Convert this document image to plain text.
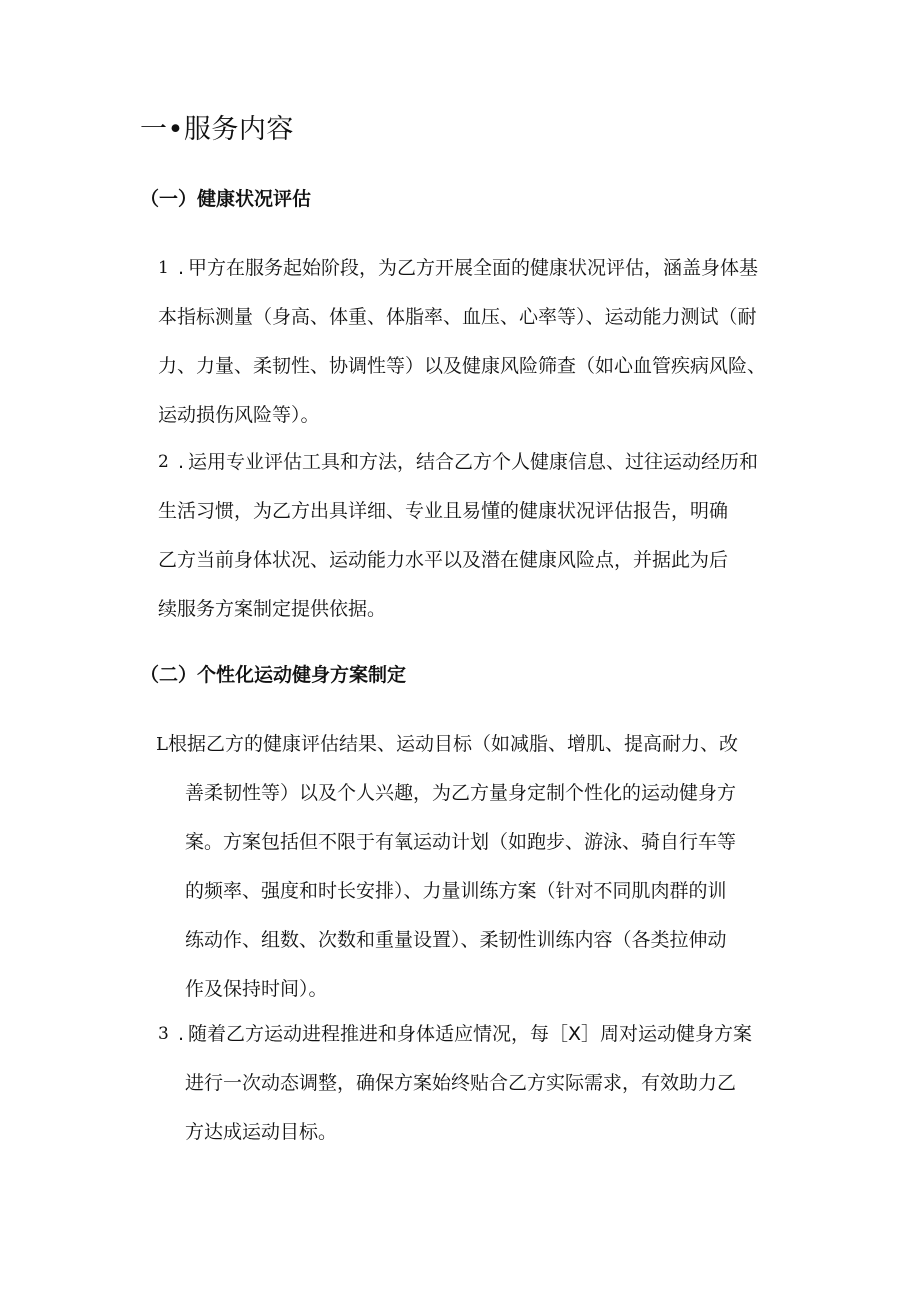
一•服务内容
（一）健康状况评估
1 . 甲方在服务起始阶段，为乙方开展全面的健康状况评估，涵盖身体基
本指标测量（身高、体重、体脂率、血压、心率等）、运动能力测试（耐
力、力量、柔韧性、协调性等）以及健康风险筛查（如心血管疾病风险、
运动损伤风险等）。
2 . 运用专业评估工具和方法，结合乙方个人健康信息、过往运动经历和
生活习惯，为乙方出具详细、专业且易懂的健康状况评估报告，明确
乙方当前身体状况、运动能力水平以及潜在健康风险点，并据此为后
续服务方案制定提供依据。
（二）个性化运动健身方案制定
L 根据乙方的健康评估结果、运动目标（如减脂、增肌、提高耐力、改
善柔韧性等）以及个人兴趣，为乙方量身定制个性化的运动健身方
案。方案包括但不限于有氧运动计划（如跑步、游泳、骑自行车等
的频率、强度和时长安排）、力量训练方案（针对不同肌肉群的训
练动作、组数、次数和重量设置）、柔韧性训练内容（各类拉伸动
作及保持时间）。
3 . 随着乙方运动进程推进和身体适应情况，每［X］周对运动健身方案
进行一次动态调整，确保方案始终贴合乙方实际需求，有效助力乙
方达成运动目标。
